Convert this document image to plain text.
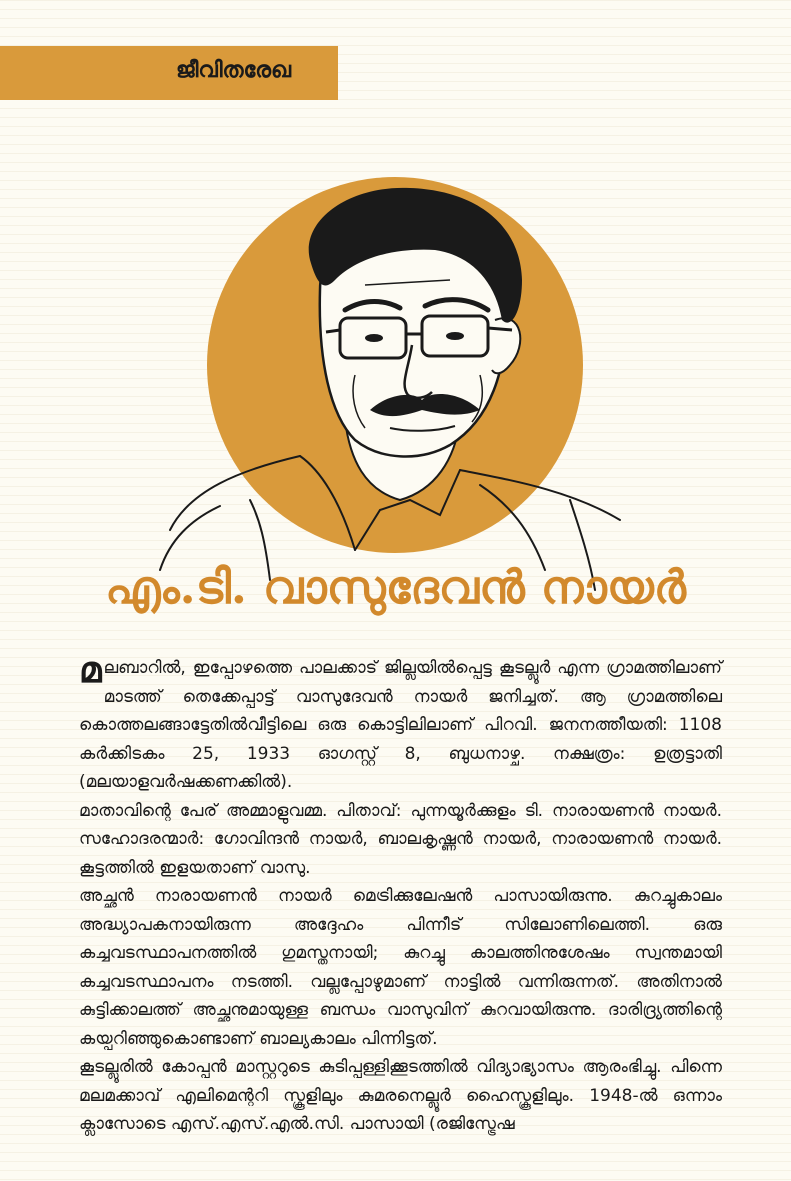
ജീവിതരേഖ
എം.ടി. വാസുദേവൻ നായർ

മലബാറിൽ, ഇപ്പോഴത്തെ പാലക്കാട് ജില്ലയിൽപ്പെട്ട കൂടല്ലൂർ എന്ന ഗ്രാമത്തിലാണ് മാടത്ത് തെക്കേപ്പാട്ട് വാസുദേവൻ നായർ ജനിച്ചത്. ആ ഗ്രാമത്തിലെ കൊത്തലങ്ങാട്ടേതിൽവീട്ടിലെ ഒരു കൊട്ടിലിലാണ് പിറവി. ജനനത്തീയതി: 1108 കർക്കിടകം 25, 1933 ഓഗസ്റ്റ് 8, ബുധനാഴ്ച. നക്ഷത്രം: ഉത്രട്ടാതി (മലയാളവർഷക്കണക്കിൽ).

മാതാവിന്റെ പേര് അമ്മാളുവമ്മ. പിതാവ്: പുന്നയൂർക്കുളം ടി. നാരായണൻ നായർ. സഹോദരന്മാർ: ഗോവിന്ദൻ നായർ, ബാലകൃഷ്ണൻ നായർ, നാരായണൻ നായർ. കൂട്ടത്തിൽ ഇളയതാണ് വാസു.

അച്ഛൻ നാരായണൻ നായർ മെട്രിക്കുലേഷൻ പാസായിരുന്നു. കുറച്ചുകാലം അദ്ധ്യാപകനായിരുന്ന അദ്ദേഹം പിന്നീട് സിലോണിലെത്തി. ഒരു കച്ചവടസ്ഥാപനത്തിൽ ഗുമസ്തനായി; കുറച്ചു കാലത്തിനുശേഷം സ്വന്തമായി കച്ചവടസ്ഥാപനം നടത്തി. വല്ലപ്പോഴുമാണ് നാട്ടിൽ വന്നിരുന്നത്. അതിനാൽ കുട്ടിക്കാലത്ത് അച്ഛനുമായുള്ള ബന്ധം വാസുവിന് കുറവായിരുന്നു. ദാരിദ്ര്യത്തിന്റെ കയ്പറിഞ്ഞുകൊണ്ടാണ് ബാല്യകാലം പിന്നിട്ടത്.

കൂടല്ലൂരിൽ കോപ്പൻ മാസ്റ്ററുടെ കുടിപ്പള്ളിക്കൂടത്തിൽ വിദ്യാഭ്യാസം ആരംഭിച്ചു. പിന്നെ മലമക്കാവ് എലിമെന്ററി സ്കൂളിലും കുമരനെല്ലൂർ ഹൈസ്കൂളിലും. 1948-ൽ ഒന്നാം ക്ലാസോടെ എസ്.എസ്.എൽ.സി. പാസായി (രജിസ്ട്രേഷ
